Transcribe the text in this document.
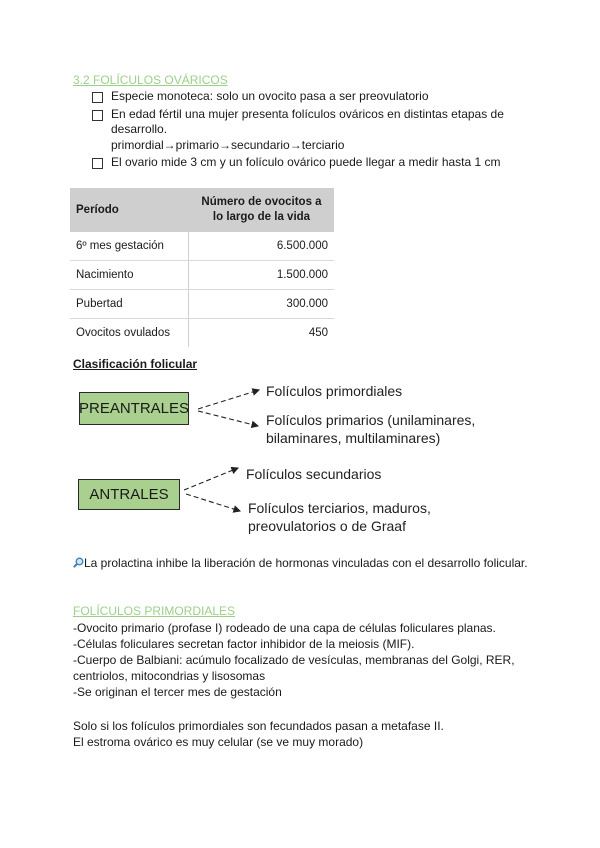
3.2 FOLÍCULOS OVÁRICOS
Especie monoteca: solo un ovocito pasa a ser preovulatorio
En edad fértil una mujer presenta folículos ováricos en distintas etapas de desarrollo.
primordial→primario→secundario→terciario
El ovario mide 3 cm y un folículo ovárico puede llegar a medir hasta 1 cm
Período	Número de ovocitos a lo largo de la vida
6º mes gestación	6.500.000
Nacimiento	1.500.000
Pubertad	300.000
Ovocitos ovulados	450
Clasificación folicular
PREANTRALES
Folículos primordiales
Folículos primarios (unilaminares, bilaminares, multilaminares)
ANTRALES
Folículos secundarios
Folículos terciarios, maduros, preovulatorios o de Graaf
La prolactina inhibe la liberación de hormonas vinculadas con el desarrollo folicular.
FOLÍCULOS PRIMORDIALES
-Ovocito primario (profase I) rodeado de una capa de células foliculares planas.
-Células foliculares secretan factor inhibidor de la meiosis (MIF).
-Cuerpo de Balbiani: acúmulo focalizado de vesículas, membranas del Golgi, RER, centriolos, mitocondrias y lisosomas
-Se originan el tercer mes de gestación
Solo si los folículos primordiales son fecundados pasan a metafase II.
El estroma ovárico es muy celular (se ve muy morado)
